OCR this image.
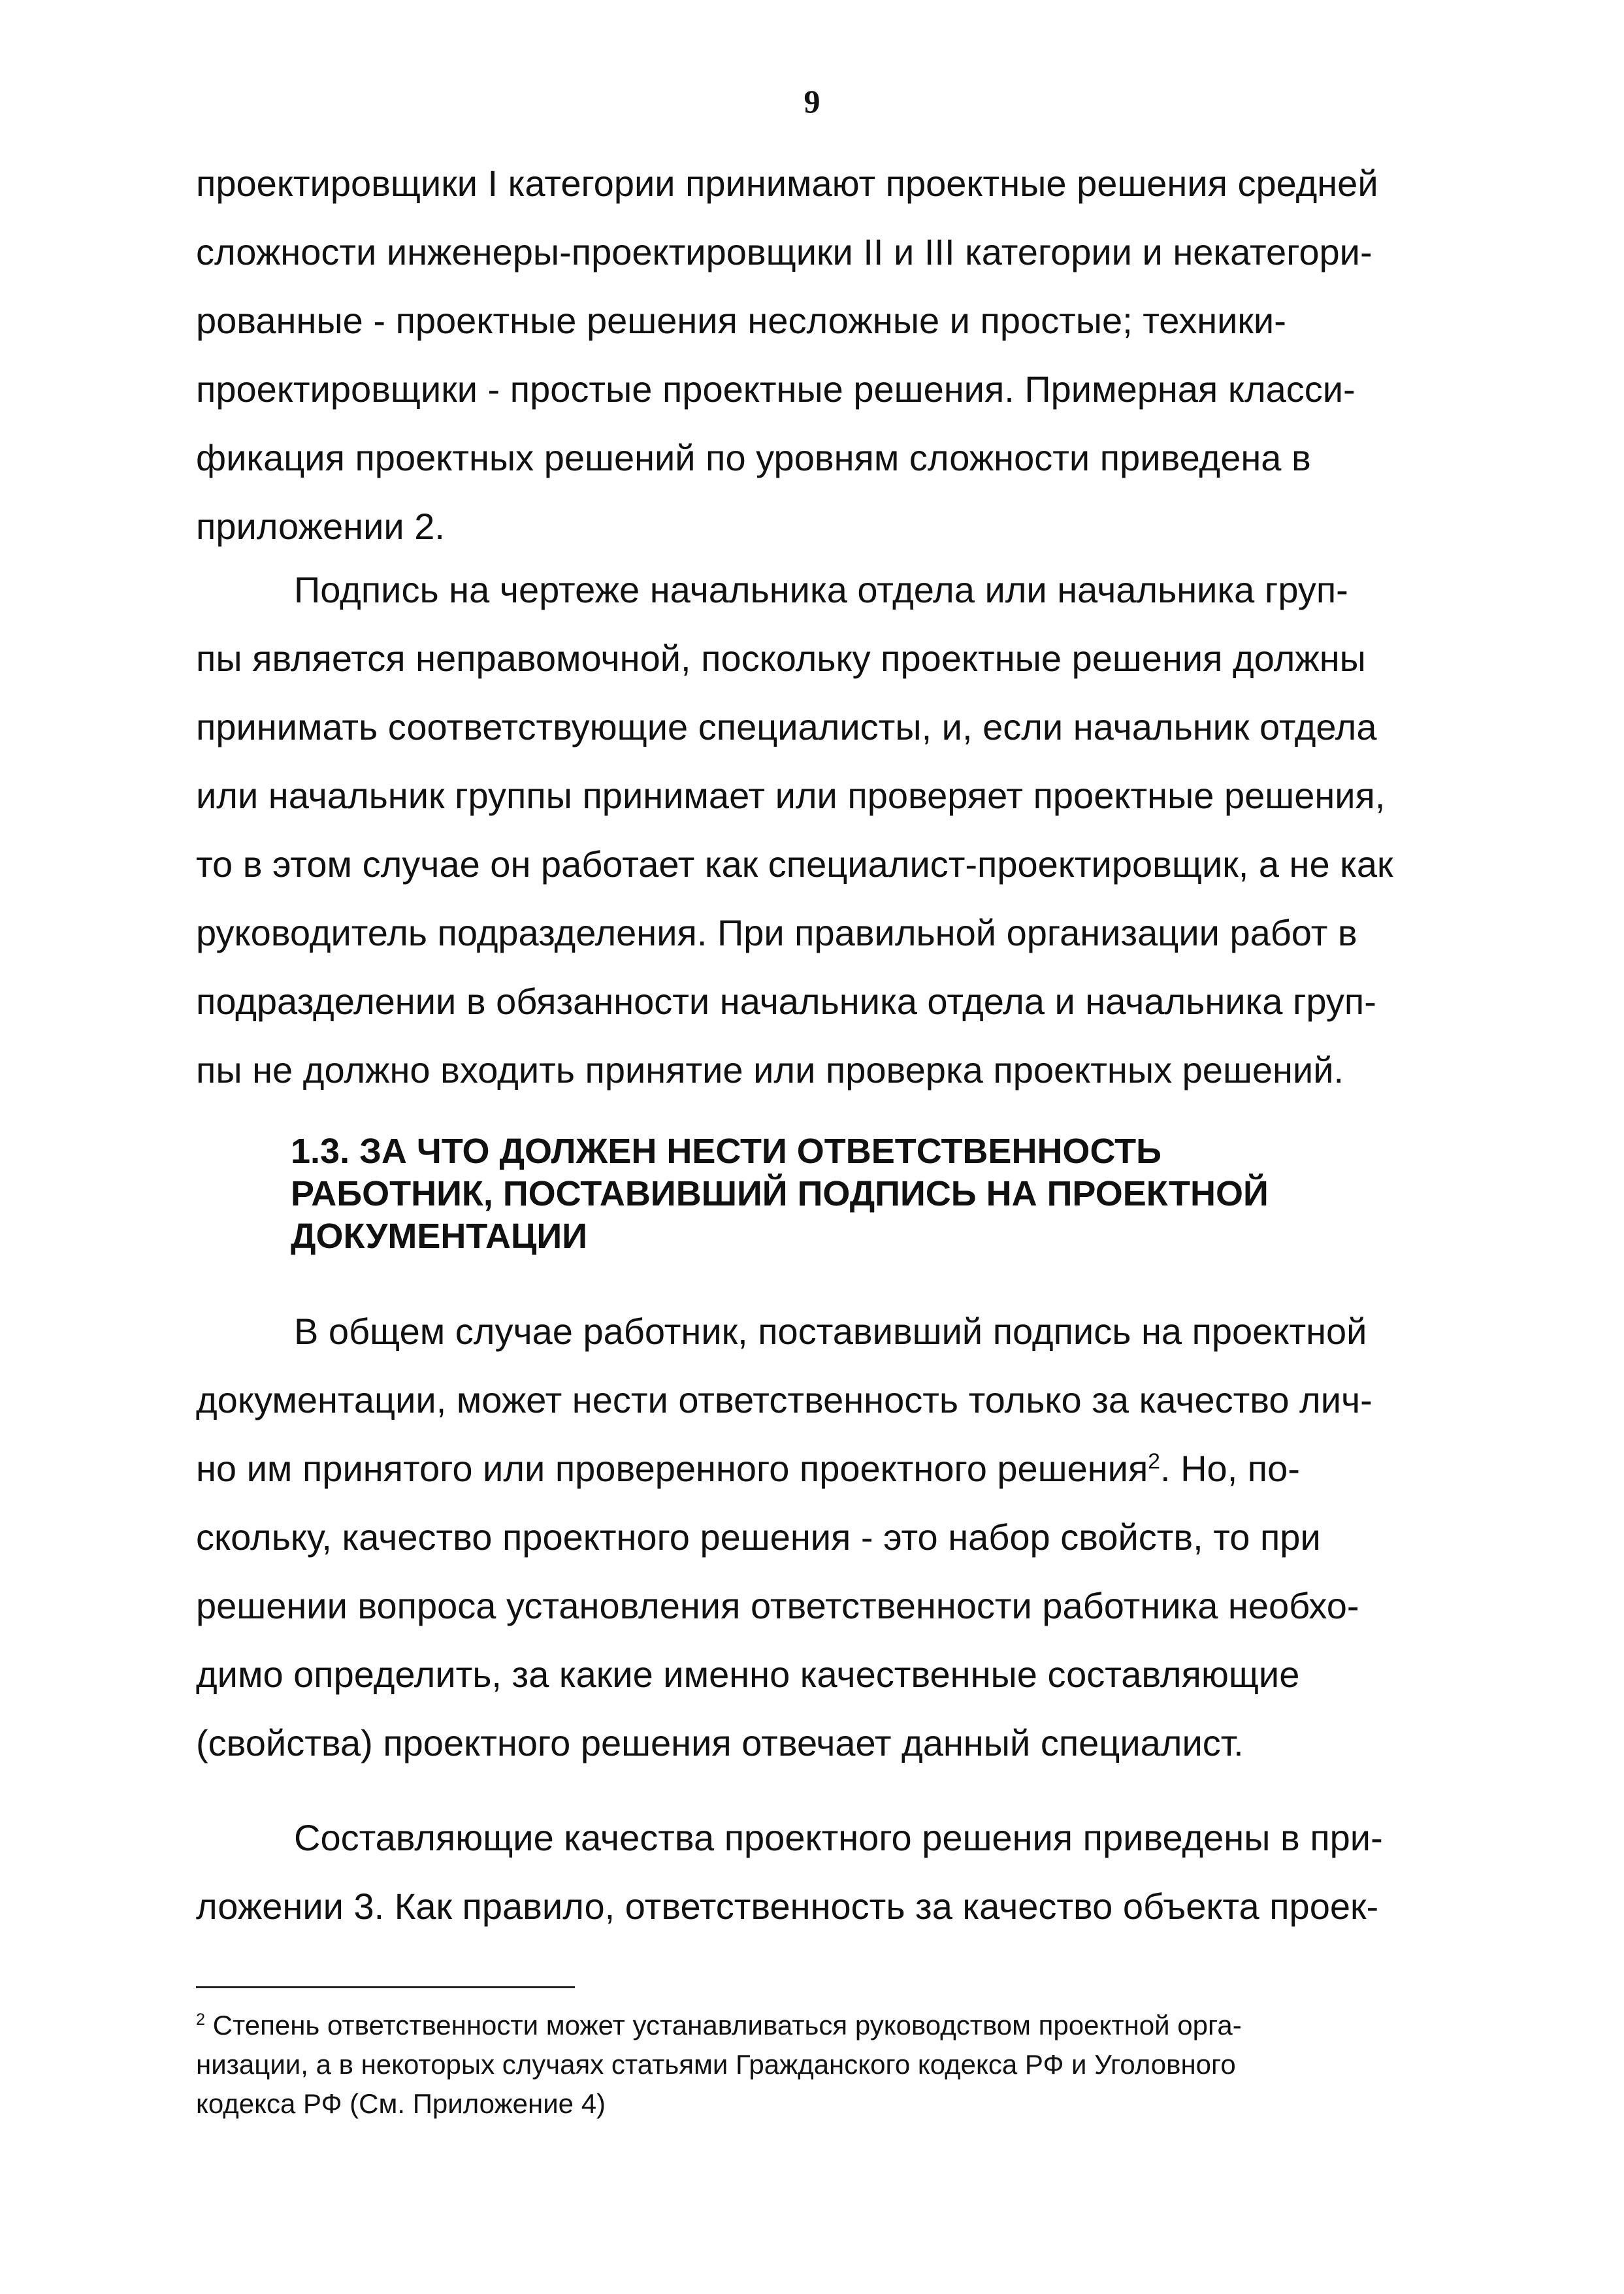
9

проектировщики I категории принимают проектные решения средней
сложности инженеры-проектировщики II и III категории и некатегори-
рованные - проектные решения несложные и простые; техники-
проектировщики - простые проектные решения. Примерная класси-
фикация проектных решений по уровням сложности приведена в
приложении 2.

Подпись на чертеже начальника отдела или начальника груп-
пы является неправомочной, поскольку проектные решения должны
принимать соответствующие специалисты, и, если начальник отдела
или начальник группы принимает или проверяет проектные решения,
то в этом случае он работает как специалист-проектировщик, а не как
руководитель подразделения. При правильной организации работ в
подразделении в обязанности начальника отдела и начальника груп-
пы не должно входить принятие или проверка проектных решений.

1.3. ЗА ЧТО ДОЛЖЕН НЕСТИ ОТВЕТСТВЕННОСТЬ
РАБОТНИК, ПОСТАВИВШИЙ ПОДПИСЬ НА ПРОЕКТНОЙ
ДОКУМЕНТАЦИИ

В общем случае работник, поставивший подпись на проектной
документации, может нести ответственность только за качество лич-
но им принятого или проверенного проектного решения$^2$. Но, по-
скольку, качество проектного решения - это набор свойств, то при
решении вопроса установления ответственности работника необхо-
димо определить, за какие именно качественные составляющие
(свойства) проектного решения отвечает данный специалист.

Составляющие качества проектного решения приведены в при-
ложении 3. Как правило, ответственность за качество объекта проек-

$^2$ Степень ответственности может устанавливаться руководством проектной орга-
низации, а в некоторых случаях статьями Гражданского кодекса РФ и Уголовного
кодекса РФ (См. Приложение 4)
